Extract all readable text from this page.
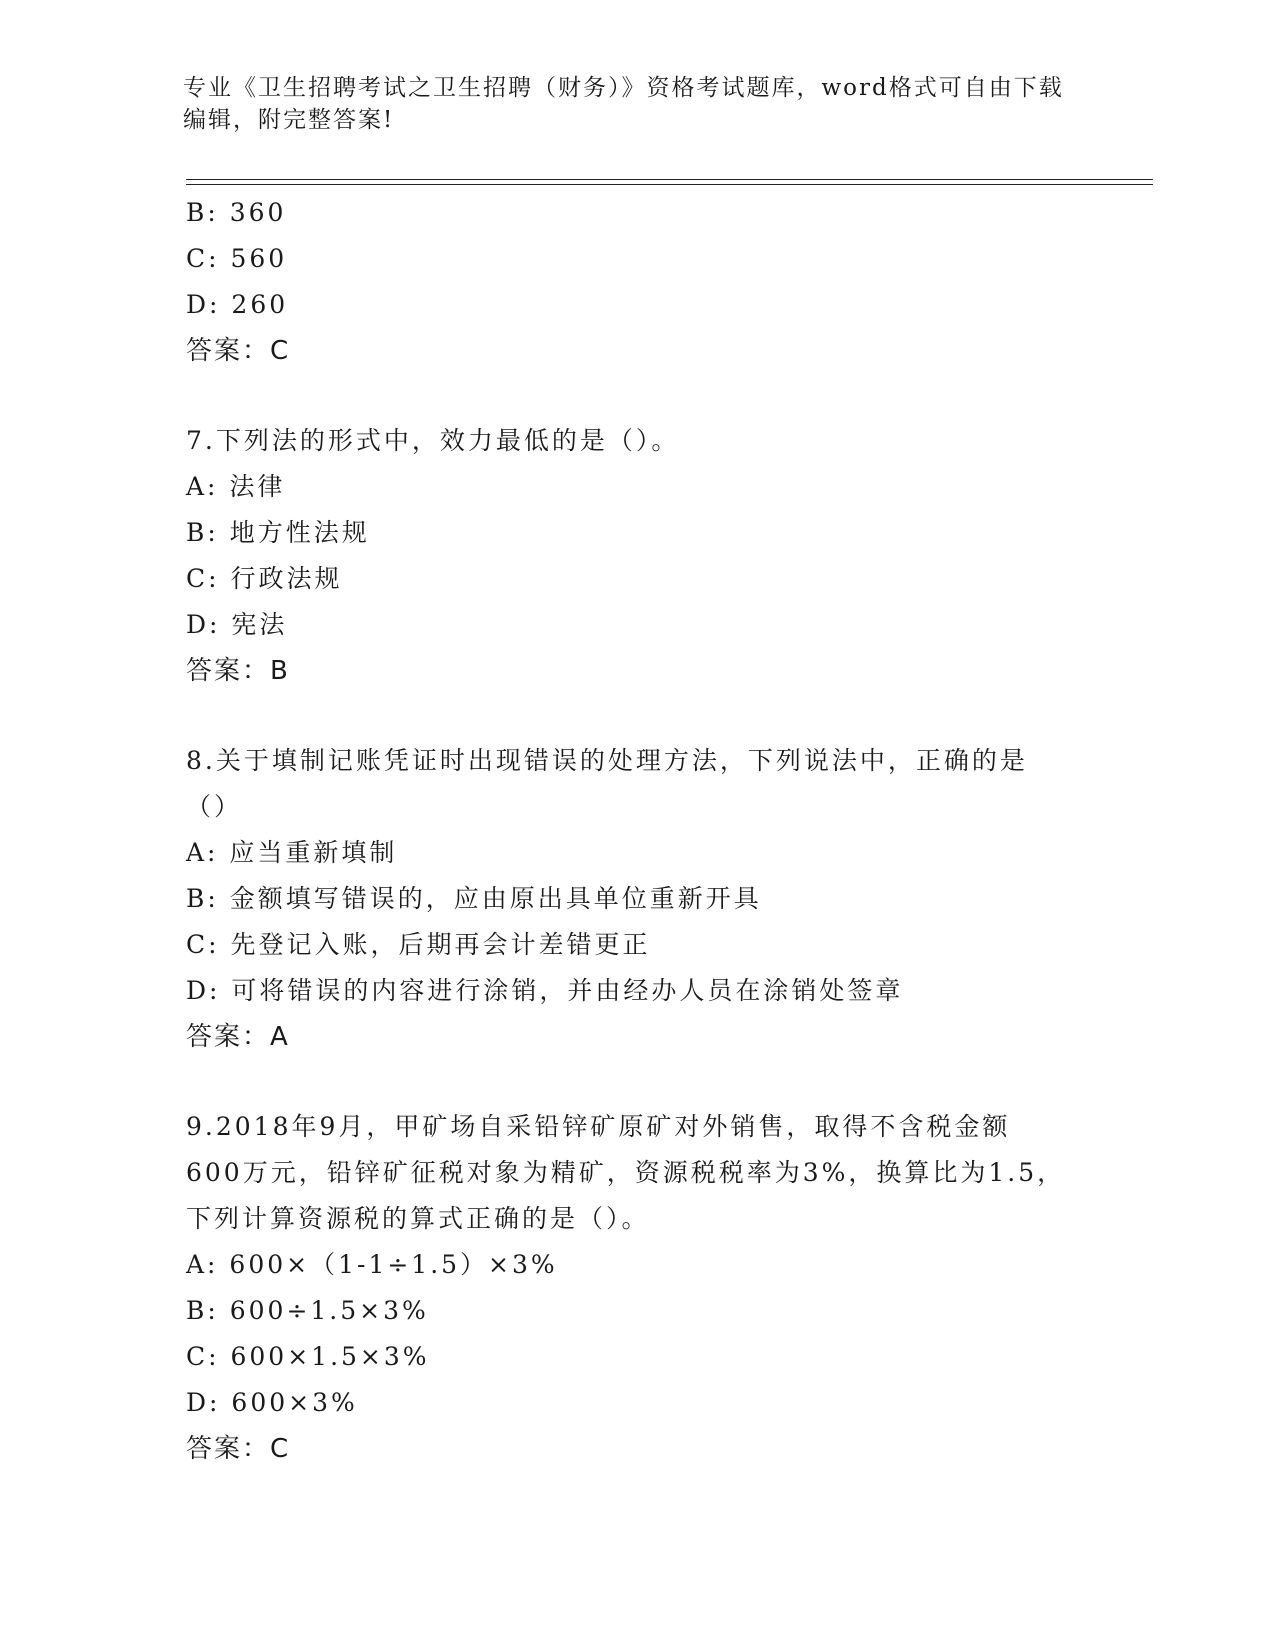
专业《卫生招聘考试之卫生招聘（财务）》资格考试题库，word格式可自由下载
编辑，附完整答案!
B: 360
C: 560
D: 260
答案：C
7.下列法的形式中，效力最低的是（）。
A: 法律
B: 地方性法规
C: 行政法规
D: 宪法
答案：B
8.关于填制记账凭证时出现错误的处理方法，下列说法中，正确的是
（）
A: 应当重新填制
B: 金额填写错误的，应由原出具单位重新开具
C: 先登记入账，后期再会计差错更正
D: 可将错误的内容进行涂销，并由经办人员在涂销处签章
答案：A
9.2018年9月，甲矿场自采铅锌矿原矿对外销售，取得不含税金额
600万元，铅锌矿征税对象为精矿，资源税税率为3%，换算比为1.5，
下列计算资源税的算式正确的是（）。
A: 600×（1-1÷1.5）×3%
B: 600÷1.5×3%
C: 600×1.5×3%
D: 600×3%
答案：C
